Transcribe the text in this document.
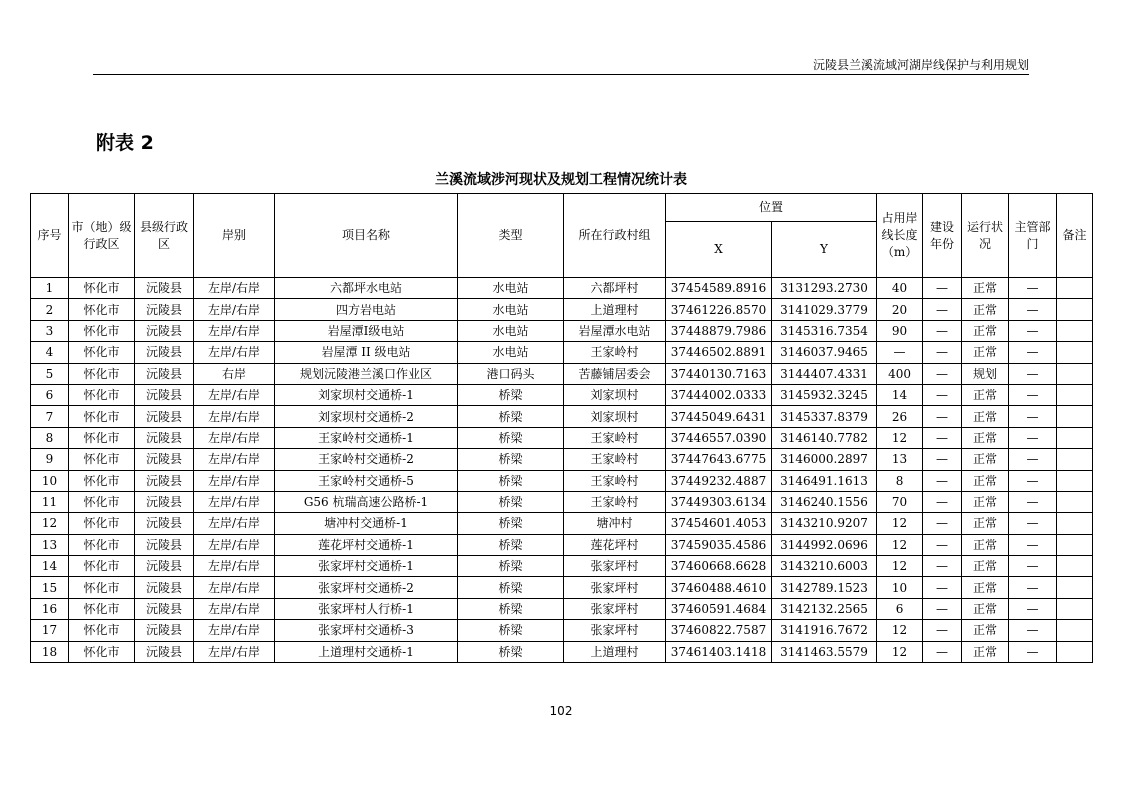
沅陵县兰溪流域河湖岸线保护与利用规划
附表 2
兰溪流域涉河现状及规划工程情况统计表
序号	市（地）级行政区	县级行政区	岸别	项目名称	类型	所在行政村组	位置		占用岸线长度（m）	建设年份	运行状况	主管部门	备注
							X	Y					
1	怀化市	沅陵县	左岸/右岸	六都坪水电站	水电站	六都坪村	37454589.8916	3131293.2730	40	—	正常	—	
2	怀化市	沅陵县	左岸/右岸	四方岩电站	水电站	上道理村	37461226.8570	3141029.3779	20	—	正常	—	
3	怀化市	沅陵县	左岸/右岸	岩屋潭Ⅰ级电站	水电站	岩屋潭水电站	37448879.7986	3145316.7354	90	—	正常	—	
4	怀化市	沅陵县	左岸/右岸	岩屋潭 II 级电站	水电站	王家岭村	37446502.8891	3146037.9465	—	—	正常	—	
5	怀化市	沅陵县	右岸	规划沅陵港兰溪口作业区	港口码头	苦藤铺居委会	37440130.7163	3144407.4331	400	—	规划	—	
6	怀化市	沅陵县	左岸/右岸	刘家坝村交通桥-1	桥梁	刘家坝村	37444002.0333	3145932.3245	14	—	正常	—	
7	怀化市	沅陵县	左岸/右岸	刘家坝村交通桥-2	桥梁	刘家坝村	37445049.6431	3145337.8379	26	—	正常	—	
8	怀化市	沅陵县	左岸/右岸	王家岭村交通桥-1	桥梁	王家岭村	37446557.0390	3146140.7782	12	—	正常	—	
9	怀化市	沅陵县	左岸/右岸	王家岭村交通桥-2	桥梁	王家岭村	37447643.6775	3146000.2897	13	—	正常	—	
10	怀化市	沅陵县	左岸/右岸	王家岭村交通桥-5	桥梁	王家岭村	37449232.4887	3146491.1613	8	—	正常	—	
11	怀化市	沅陵县	左岸/右岸	G56 杭瑞高速公路桥-1	桥梁	王家岭村	37449303.6134	3146240.1556	70	—	正常	—	
12	怀化市	沅陵县	左岸/右岸	塘冲村交通桥-1	桥梁	塘冲村	37454601.4053	3143210.9207	12	—	正常	—	
13	怀化市	沅陵县	左岸/右岸	莲花坪村交通桥-1	桥梁	莲花坪村	37459035.4586	3144992.0696	12	—	正常	—	
14	怀化市	沅陵县	左岸/右岸	张家坪村交通桥-1	桥梁	张家坪村	37460668.6628	3143210.6003	12	—	正常	—	
15	怀化市	沅陵县	左岸/右岸	张家坪村交通桥-2	桥梁	张家坪村	37460488.4610	3142789.1523	10	—	正常	—	
16	怀化市	沅陵县	左岸/右岸	张家坪村人行桥-1	桥梁	张家坪村	37460591.4684	3142132.2565	6	—	正常	—	
17	怀化市	沅陵县	左岸/右岸	张家坪村交通桥-3	桥梁	张家坪村	37460822.7587	3141916.7672	12	—	正常	—	
18	怀化市	沅陵县	左岸/右岸	上道理村交通桥-1	桥梁	上道理村	37461403.1418	3141463.5579	12	—	正常	—	
102
